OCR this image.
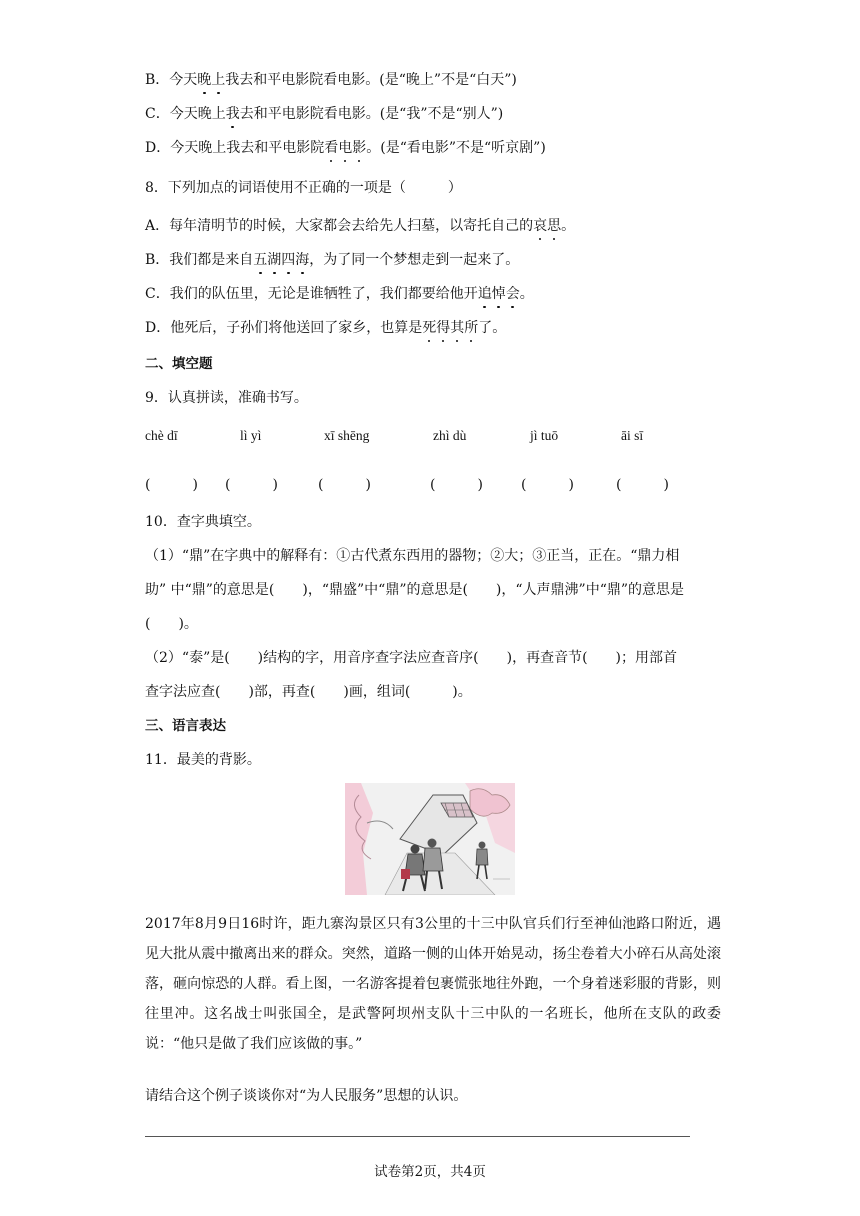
B．今天晚上我去和平电影院看电影。(是“晚上”不是“白天”)
C．今天晚上我去和平电影院看电影。(是“我”不是“别人”)
D．今天晚上我去和平电影院看电影。(是“看电影”不是“听京剧”)
8．下列加点的词语使用不正确的一项是（　　　）
A．每年清明节的时候，大家都会去给先人扫墓，以寄托自己的哀思。
B．我们都是来自五湖四海，为了同一个梦想走到一起来了。
C．我们的队伍里，无论是谁牺牲了，我们都要给他开追悼会。
D．他死后，子孙们将他送回了家乡，也算是死得其所了。
二、填空题
9．认真拼读，准确书写。
chè dī	lì yì	xī shēng	zhì dù	jì tuō	āi sī
(　　　) (　　　)	(　　　)	(　　　)	(　　　)	(　　　)
10．查字典填空。
（1）“鼎”在字典中的解释有：①古代煮东西用的器物；②大；③正当，正在。“鼎力相
助” 中“鼎”的意思是(　　)，“鼎盛”中“鼎”的意思是(　　)，“人声鼎沸”中“鼎”的意思是
(　　)。
（2）“泰”是(　　)结构的字，用音序查字法应查音序(　　)，再查音节(　　)；用部首
查字法应查(　　)部，再查(　　)画，组词(　　　)。
三、语言表达
11．最美的背影。
2017年8月9日16时许，距九寨沟景区只有3公里的十三中队官兵们行至神仙池路口附近，遇见大批从震中撤离出来的群众。突然，道路一侧的山体开始晃动，扬尘卷着大小碎石从高处滚落，砸向惊恐的人群。看上图，一名游客提着包裹慌张地往外跑，一个身着迷彩服的背影，则往里冲。这名战士叫张国全，是武警阿坝州支队十三中队的一名班长，他所在支队的政委说：“他只是做了我们应该做的事。”
请结合这个例子谈谈你对“为人民服务”思想的认识。
试卷第2页，共4页
